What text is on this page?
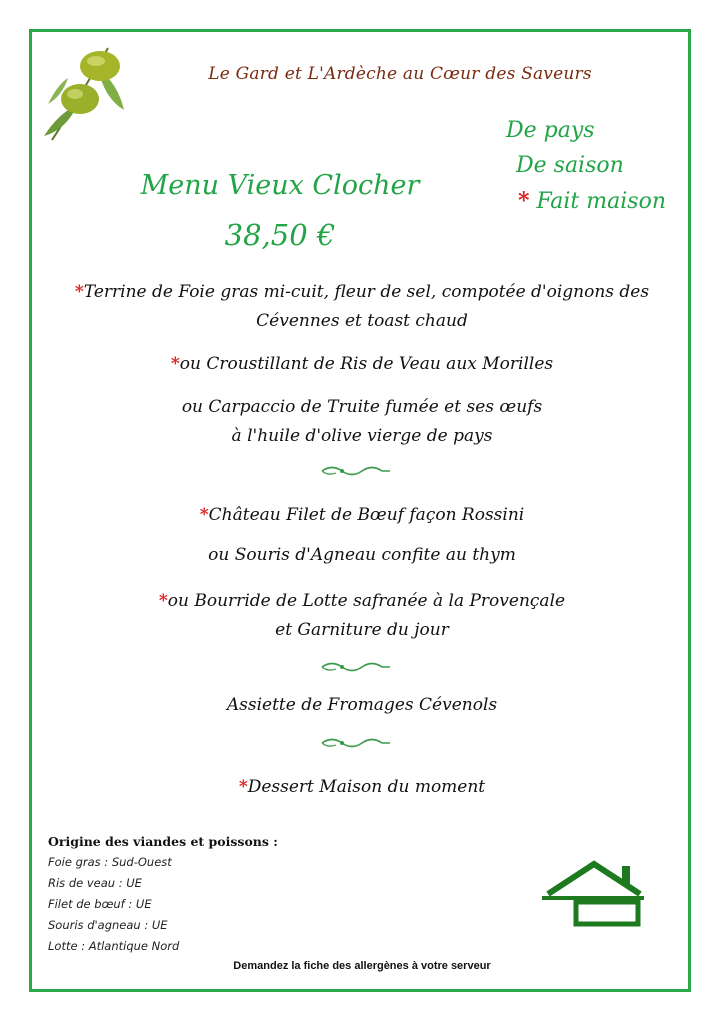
Le Gard et L'Ardèche au Cœur des Saveurs
De pays
De saison
* Fait maison
Menu Vieux Clocher
38,50 €
*Terrine de Foie gras mi-cuit, fleur de sel, compotée d'oignons des
Cévennes et toast chaud
*ou Croustillant de Ris de Veau aux Morilles
ou Carpaccio de Truite fumée et ses œufs
à l'huile d'olive vierge de pays
*Château Filet de Bœuf façon Rossini
ou Souris d'Agneau confite au thym
*ou Bourride de Lotte safranée à la Provençale
et Garniture du jour
Assiette de Fromages Cévenols
*Dessert Maison du moment
Origine des viandes et poissons :
Foie gras : Sud-Ouest
Ris de veau : UE
Filet de bœuf : UE
Souris d'agneau : UE
Lotte : Atlantique Nord
Demandez la fiche des allergènes à votre serveur
